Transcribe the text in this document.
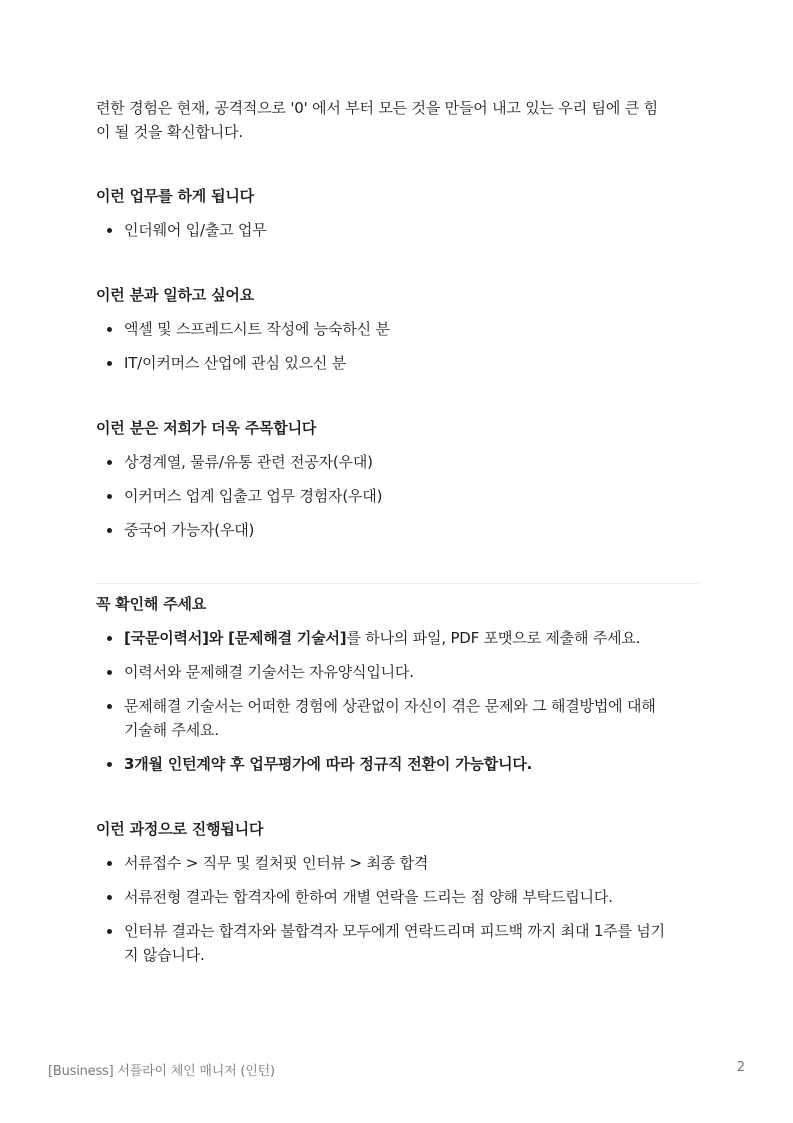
련한 경험은 현재, 공격적으로 '0' 에서 부터 모든 것을 만들어 내고 있는 우리 팀에 큰 힘
이 될 것을 확신합니다.

이런 업무를 하게 됩니다
인더웨어 입/출고 업무
이런 분과 일하고 싶어요
엑셀 및 스프레드시트 작성에 능숙하신 분
IT/이커머스 산업에 관심 있으신 분
이런 분은 저희가 더욱 주목합니다
상경계열, 물류/유통 관련 전공자(우대)
이커머스 업계 입출고 업무 경험자(우대)
중국어 가능자(우대)
꼭 확인해 주세요
[국문이력서]와 [문제해결 기술서]를 하나의 파일, PDF 포맷으로 제출해 주세요.
이력서와 문제해결 기술서는 자유양식입니다.
문제해결 기술서는 어떠한 경험에 상관없이 자신이 겪은 문제와 그 해결방법에 대해
기술해 주세요.
3개월 인턴계약 후 업무평가에 따라 정규직 전환이 가능합니다.
이런 과정으로 진행됩니다
서류접수 > 직무 및 컬처핏 인터뷰 > 최종 합격
서류전형 결과는 합격자에 한하여 개별 연락을 드리는 점 양해 부탁드립니다.
인터뷰 결과는 합격자와 불합격자 모두에게 연락드리며 피드백 까지 최대 1주를 넘기
지 않습니다.
[Business] 서플라이 체인 매니저 (인턴)	2
